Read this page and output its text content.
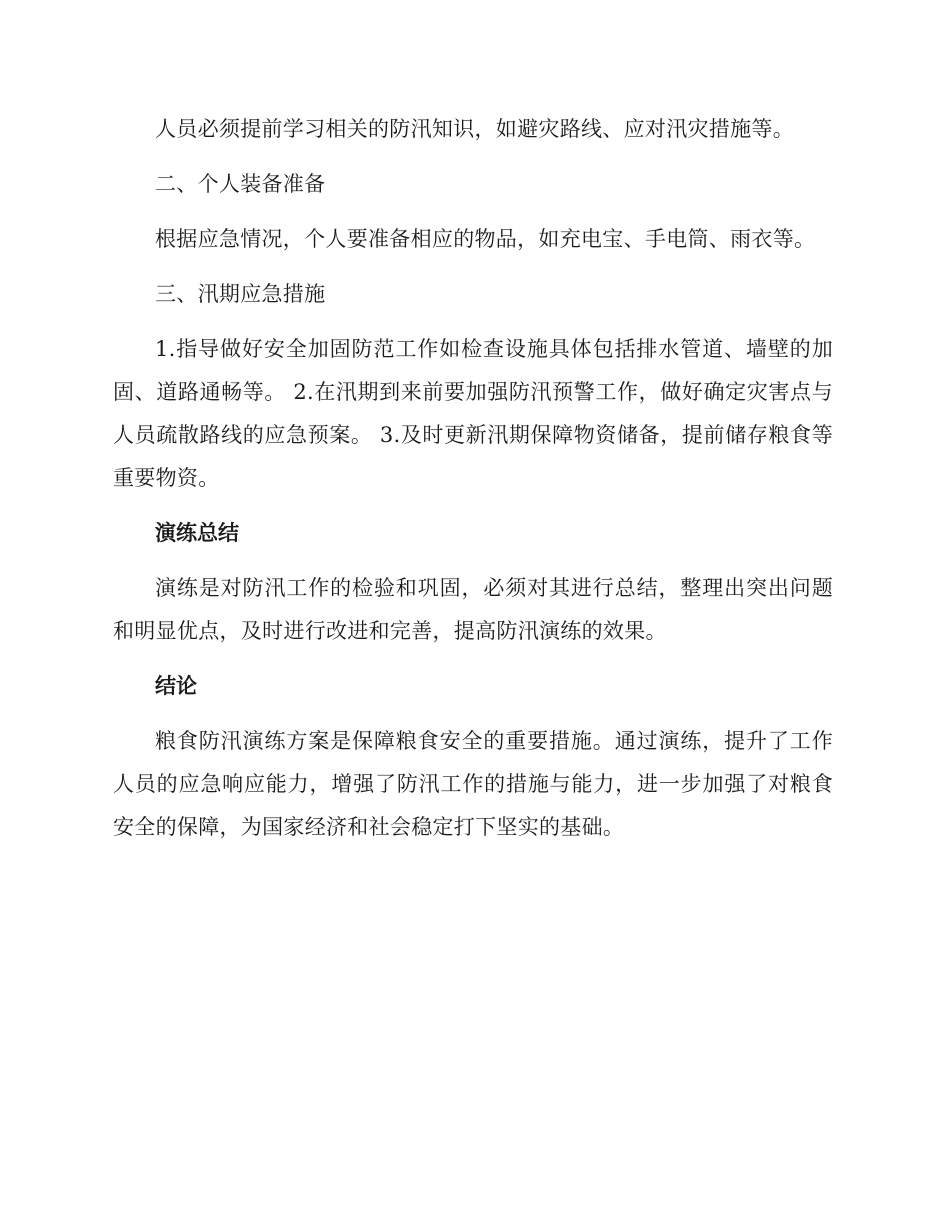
人员必须提前学习相关的防汛知识，如避灾路线、应对汛灾措施等。

二、个人装备准备

根据应急情况，个人要准备相应的物品，如充电宝、手电筒、雨衣等。

三、汛期应急措施

1.指导做好安全加固防范工作如检查设施具体包括排水管道、墙壁的加固、道路通畅等。 2.在汛期到来前要加强防汛预警工作，做好确定灾害点与人员疏散路线的应急预案。 3.及时更新汛期保障物资储备，提前储存粮食等重要物资。

演练总结

演练是对防汛工作的检验和巩固，必须对其进行总结，整理出突出问题和明显优点，及时进行改进和完善，提高防汛演练的效果。

结论

粮食防汛演练方案是保障粮食安全的重要措施。通过演练，提升了工作人员的应急响应能力，增强了防汛工作的措施与能力，进一步加强了对粮食安全的保障，为国家经济和社会稳定打下坚实的基础。
